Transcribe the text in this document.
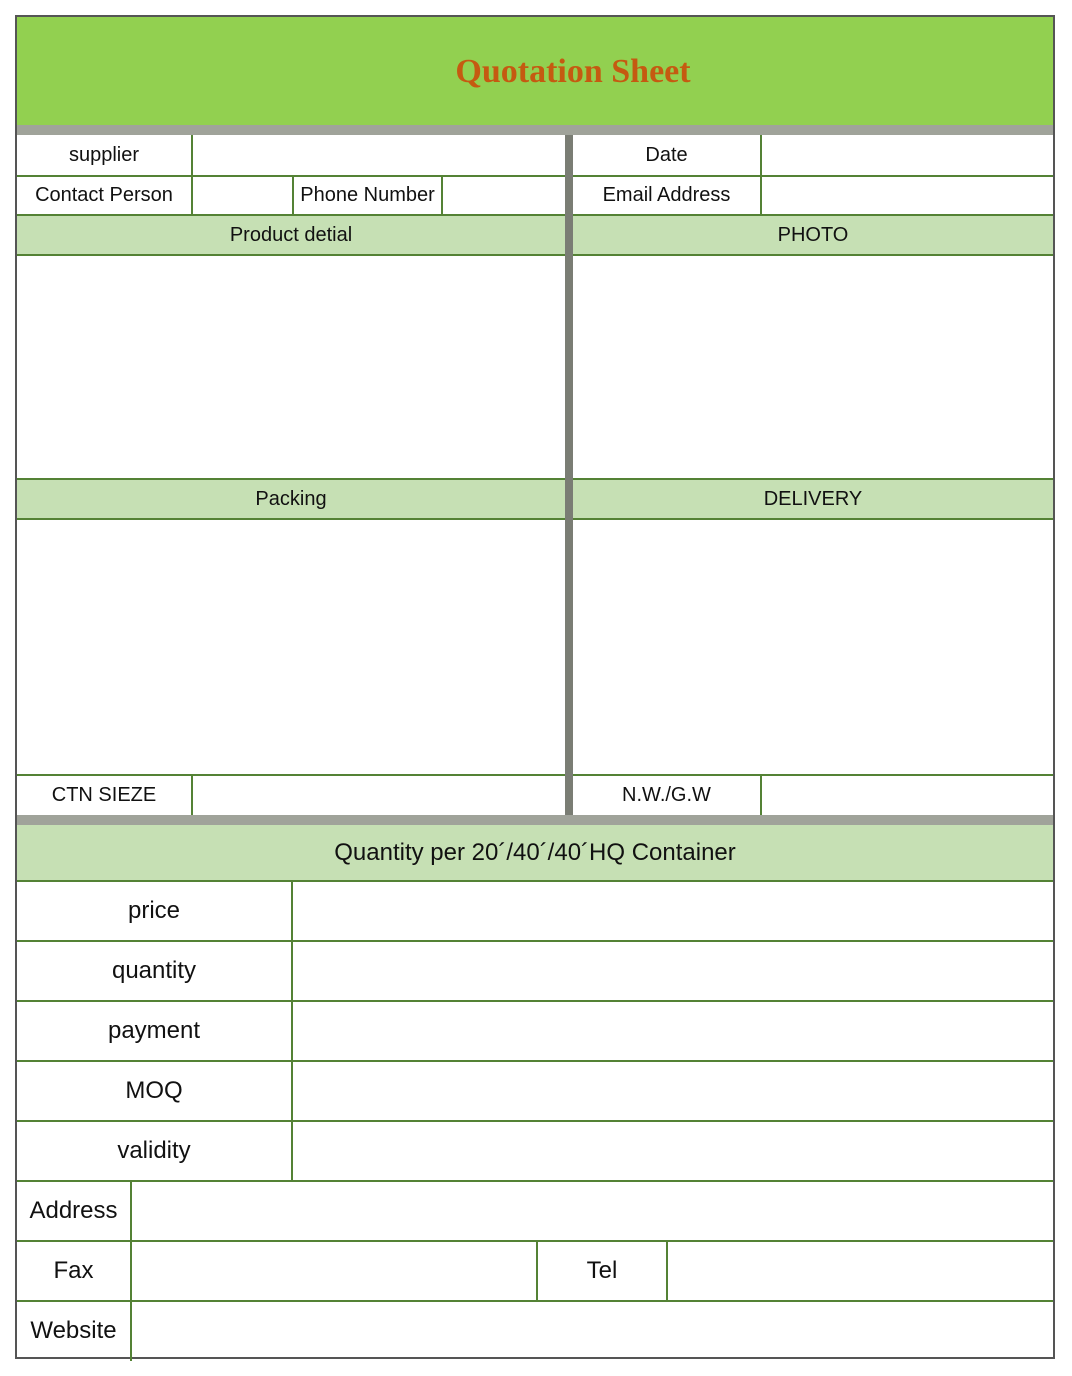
Quotation Sheet
supplier	Date
Contact Person	Phone Number	Email Address
Product detial	PHOTO
Packing	DELIVERY
CTN SIEZE	N.W./G.W
Quantity per 20´/40´/40´HQ Container
price
quantity
payment
MOQ
validity
Address
Fax	Tel
Website
